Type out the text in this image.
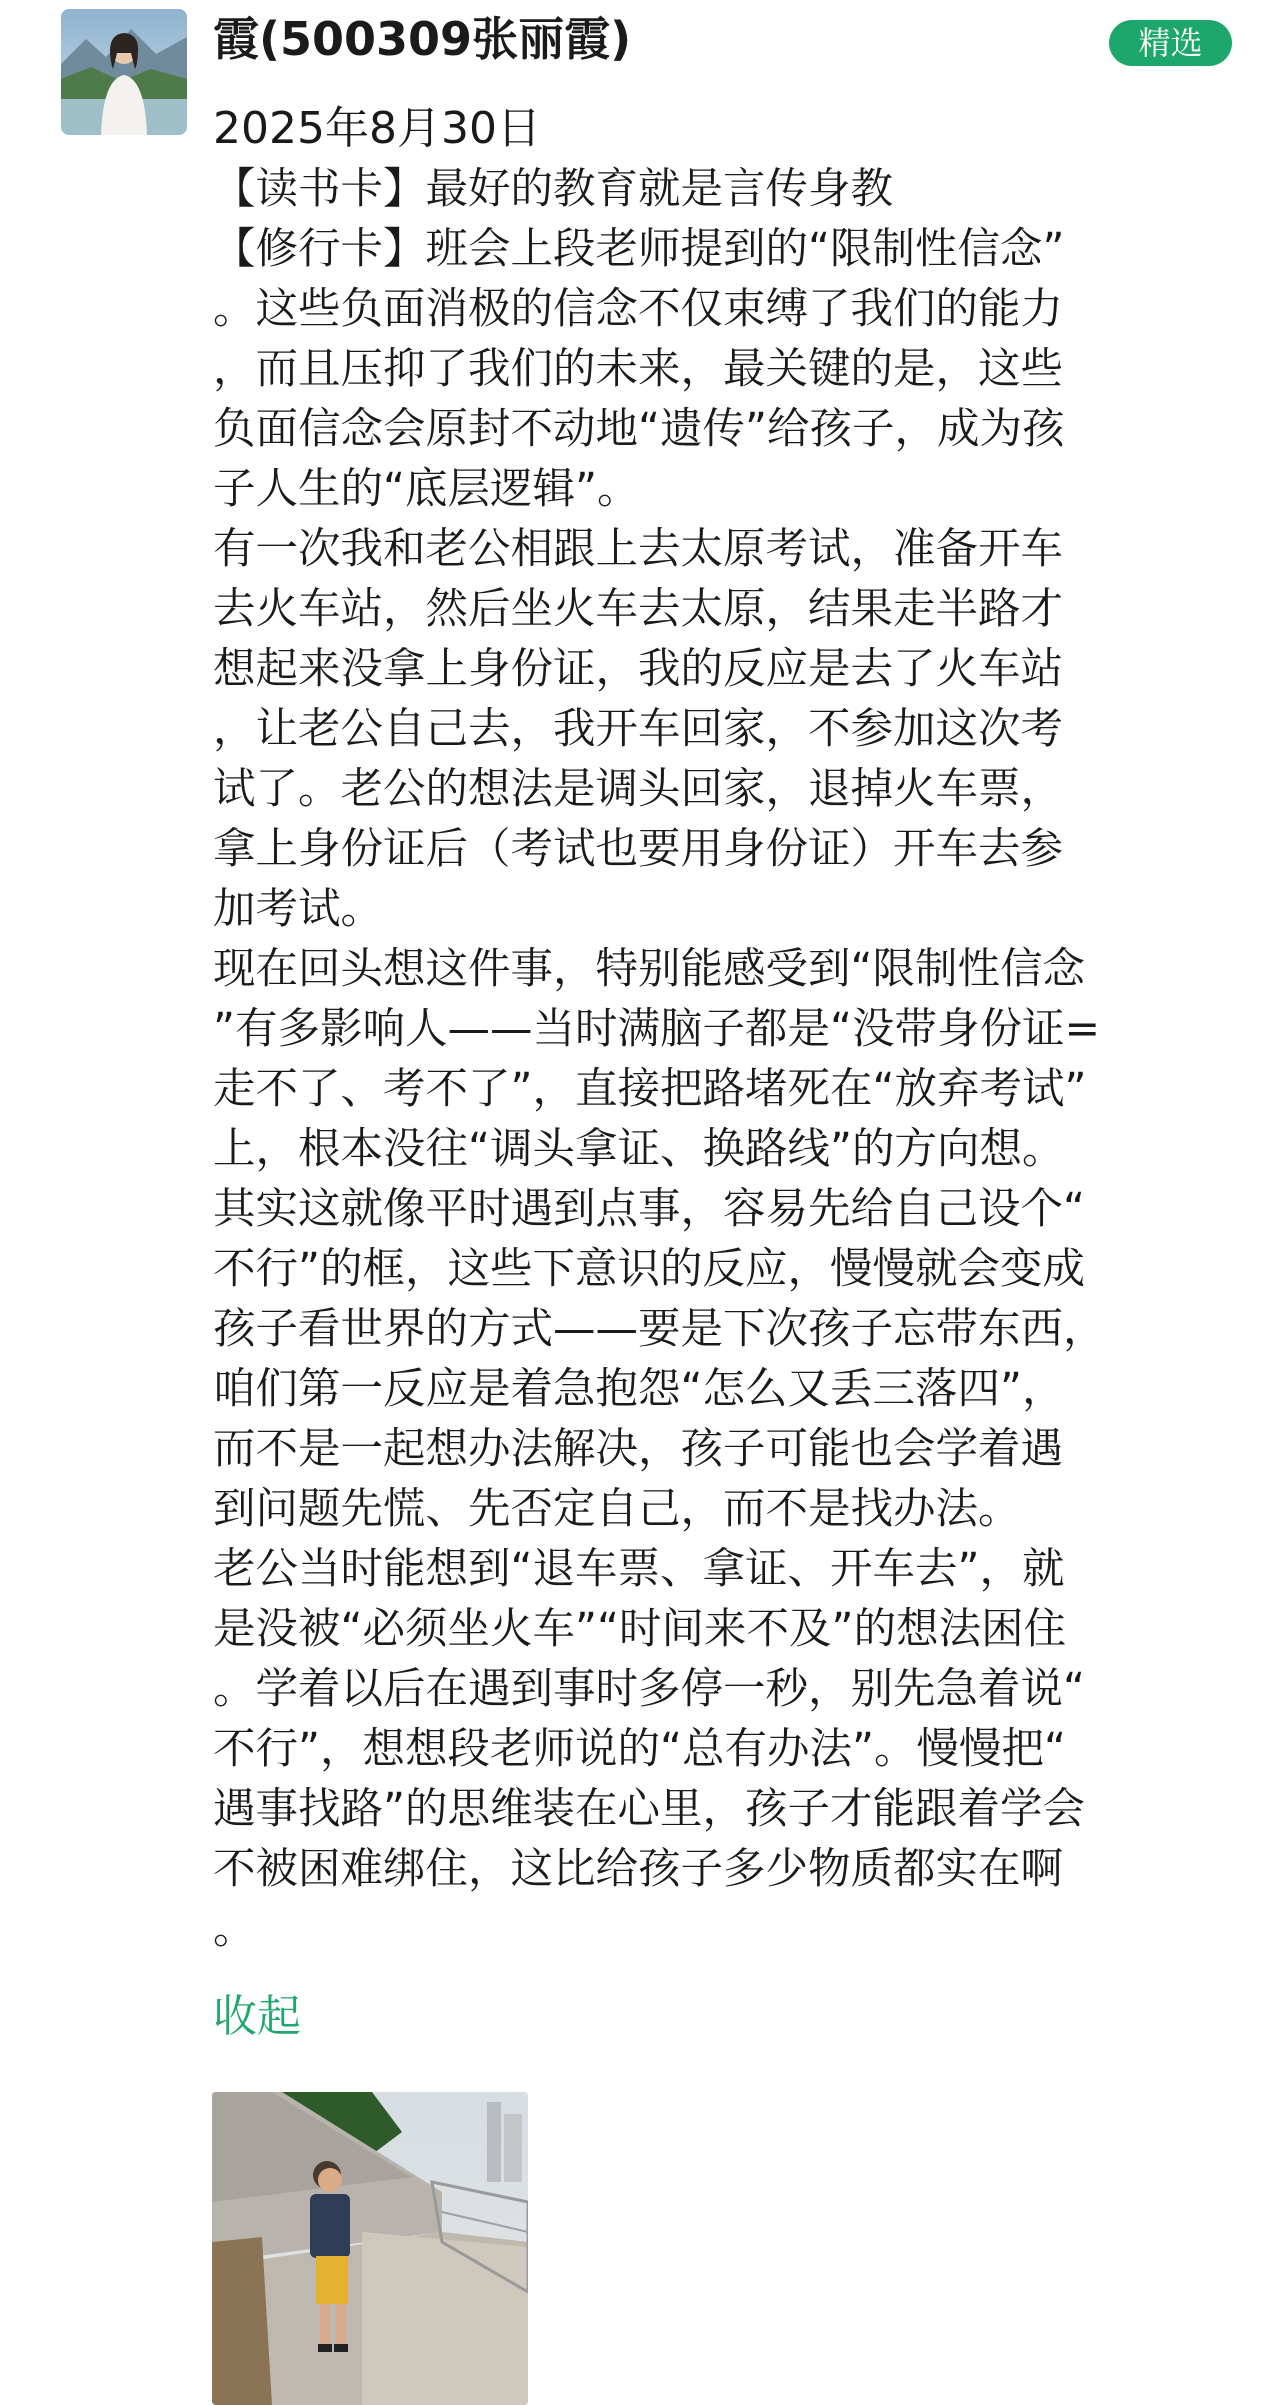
霞(500309张丽霞)	精选
2025年8月30日
【读书卡】最好的教育就是言传身教
【修行卡】班会上段老师提到的“限制性信念”
。这些负面消极的信念不仅束缚了我们的能力
，而且压抑了我们的未来，最关键的是，这些
负面信念会原封不动地“遗传”给孩子，成为孩
子人生的“底层逻辑”。
有一次我和老公相跟上去太原考试，准备开车
去火车站，然后坐火车去太原，结果走半路才
想起来没拿上身份证，我的反应是去了火车站
，让老公自己去，我开车回家，不参加这次考
试了。老公的想法是调头回家，退掉火车票，
拿上身份证后（考试也要用身份证）开车去参
加考试。
现在回头想这件事，特别能感受到“限制性信念
”有多影响人——当时满脑子都是“没带身份证=
走不了、考不了”，直接把路堵死在“放弃考试”
上，根本没往“调头拿证、换路线”的方向想。
其实这就像平时遇到点事，容易先给自己设个“
不行”的框，这些下意识的反应，慢慢就会变成
孩子看世界的方式——要是下次孩子忘带东西，
咱们第一反应是着急抱怨“怎么又丢三落四”，
而不是一起想办法解决，孩子可能也会学着遇
到问题先慌、先否定自己，而不是找办法。
老公当时能想到“退车票、拿证、开车去”，就
是没被“必须坐火车”“时间来不及”的想法困住
。学着以后在遇到事时多停一秒，别先急着说“
不行”，想想段老师说的“总有办法”。慢慢把“
遇事找路”的思维装在心里，孩子才能跟着学会
不被困难绑住，这比给孩子多少物质都实在啊
。
收起
